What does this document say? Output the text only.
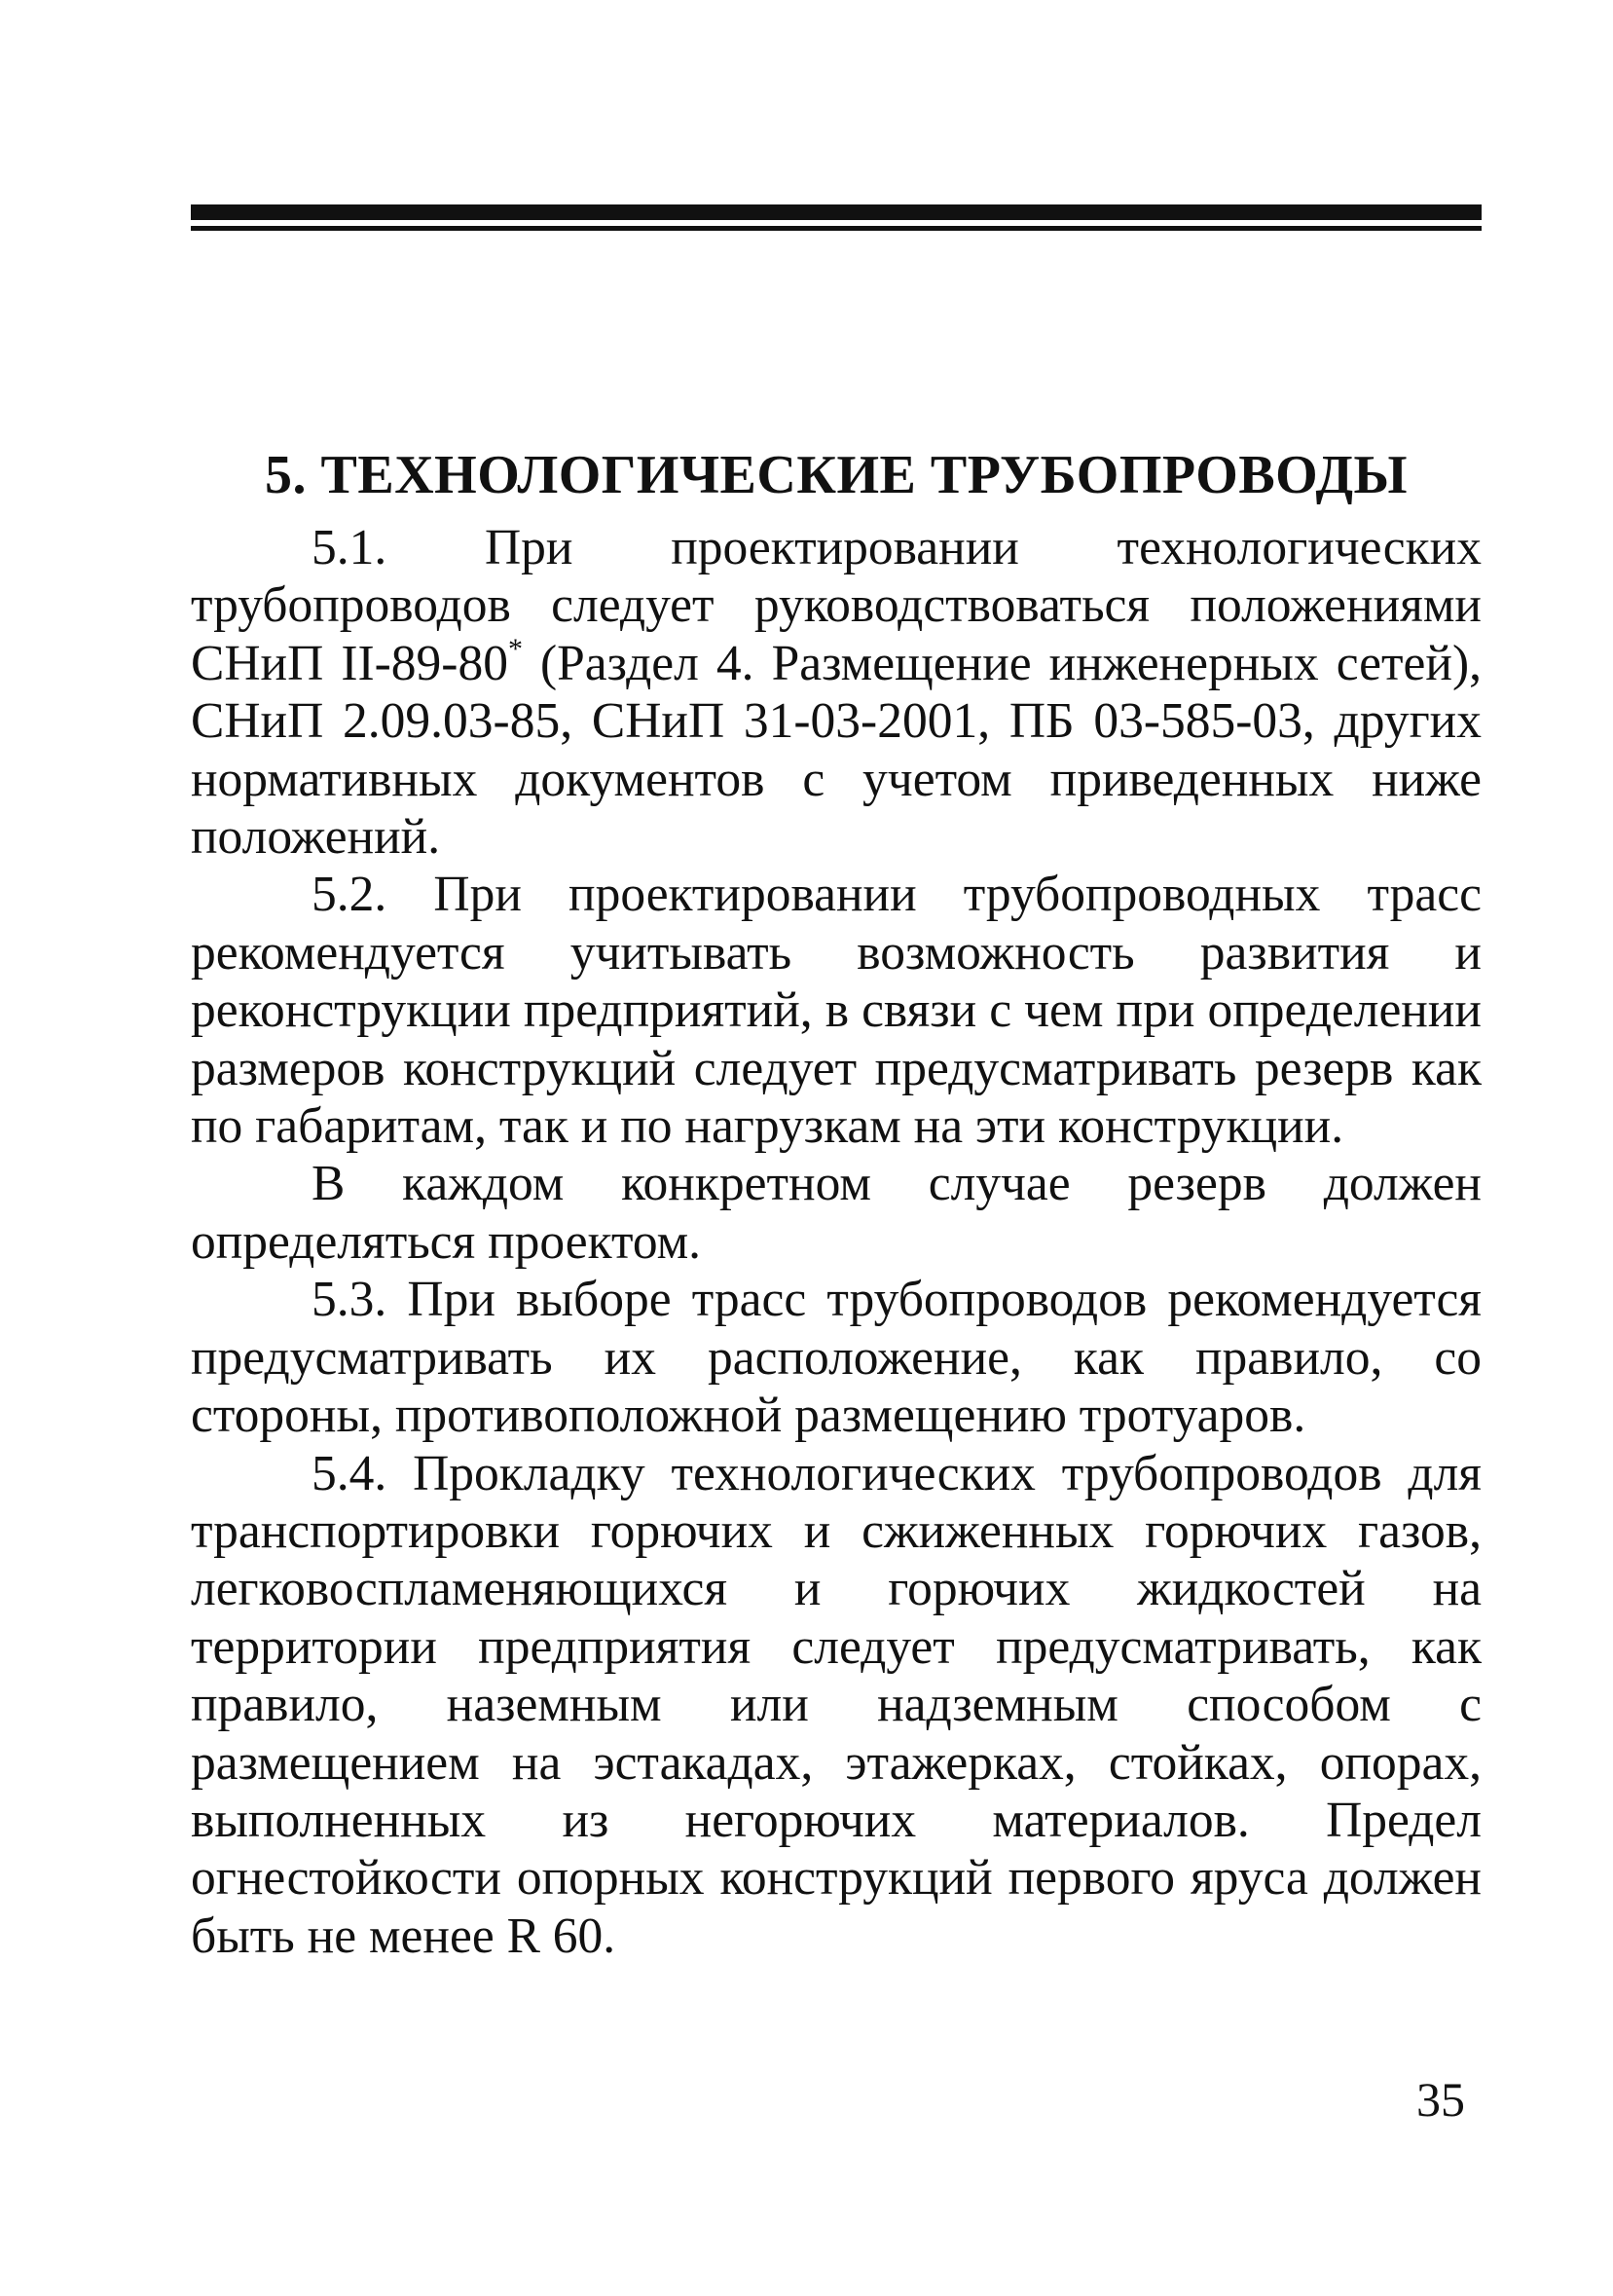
5. ТЕХНОЛОГИЧЕСКИЕ ТРУБОПРОВОДЫ

5.1. При проектировании технологических трубопроводов следует руководствоваться положениями СНиП II-89-80* (Раздел 4. Размещение инженерных сетей), СНиП 2.09.03-85, СНиП 31-03-2001, ПБ 03-585-03, других нормативных документов с учетом приведенных ниже положений.

5.2. При проектировании трубопроводных трасс рекомендуется учитывать возможность развития и реконструкции предприятий, в связи с чем при определении размеров конструкций следует предусматривать резерв как по габаритам, так и по нагрузкам на эти конструкции.

В каждом конкретном случае резерв должен определяться проектом.

5.3. При выборе трасс трубопроводов рекомендуется предусматривать их расположение, как правило, со стороны, противоположной размещению тротуаров.

5.4. Прокладку технологических трубопроводов для транспортировки горючих и сжиженных горючих газов, легковоспламеняющихся и горючих жидкостей на территории предприятия следует предусматривать, как правило, наземным или надземным способом с размещением на эстакадах, этажерках, стойках, опорах, выполненных из негорючих материалов. Предел огнестойкости опорных конструкций первого яруса должен быть не менее R 60.

35
